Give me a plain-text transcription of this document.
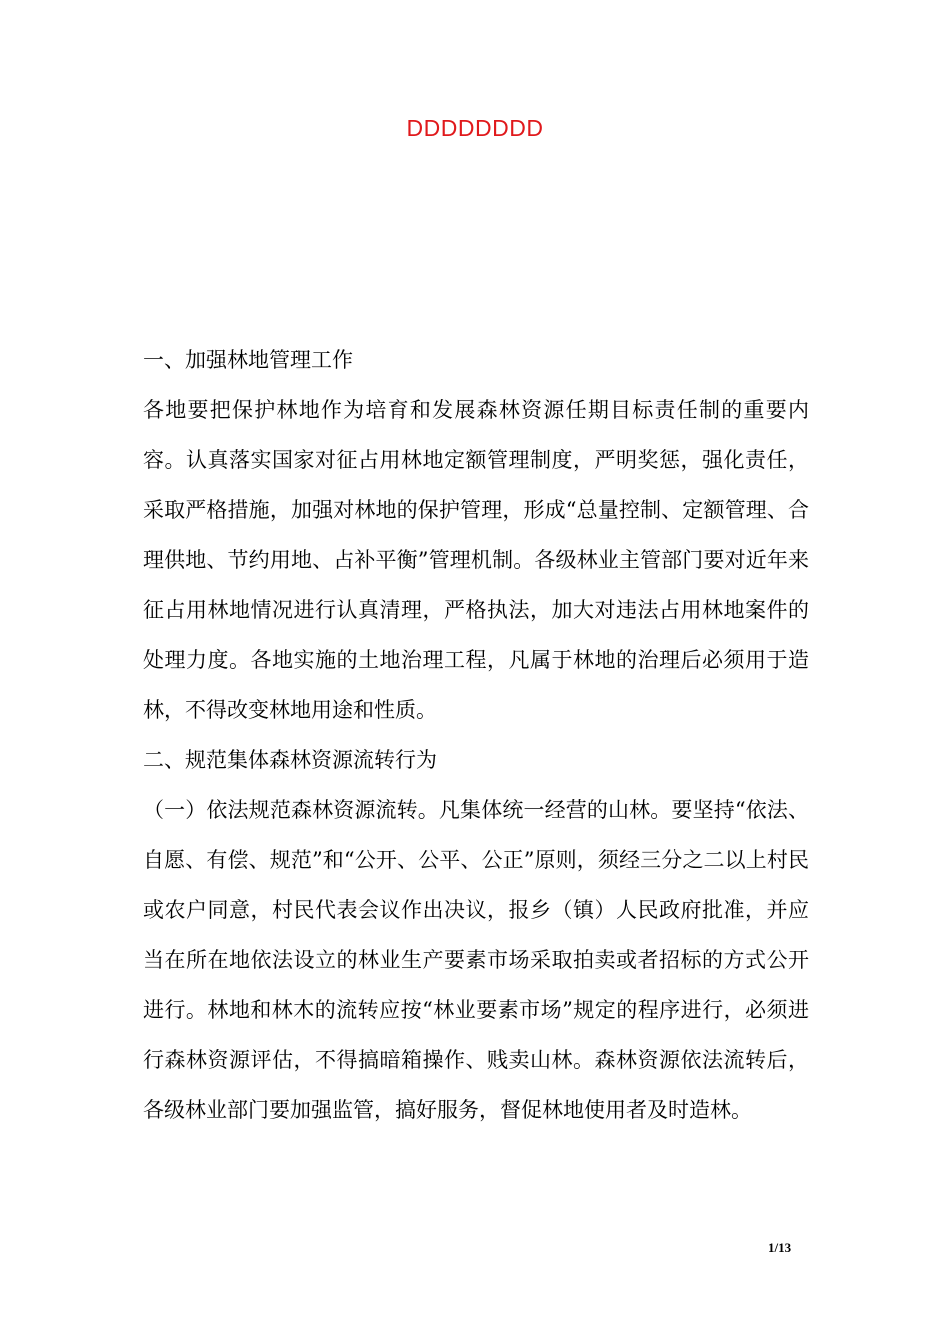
DDDDDDDD

一、加强林地管理工作

各地要把保护林地作为培育和发展森林资源任期目标责任制的重要内容。认真落实国家对征占用林地定额管理制度，严明奖惩，强化责任，采取严格措施，加强对林地的保护管理，形成“总量控制、定额管理、合理供地、节约用地、占补平衡”管理机制。各级林业主管部门要对近年来征占用林地情况进行认真清理，严格执法，加大对违法占用林地案件的处理力度。各地实施的土地治理工程，凡属于林地的治理后必须用于造林，不得改变林地用途和性质。

二、规范集体森林资源流转行为

（一）依法规范森林资源流转。凡集体统一经营的山林。要坚持“依法、自愿、有偿、规范”和“公开、公平、公正”原则，须经三分之二以上村民或农户同意，村民代表会议作出决议，报乡（镇）人民政府批准，并应当在所在地依法设立的林业生产要素市场采取拍卖或者招标的方式公开进行。林地和林木的流转应按“林业要素市场”规定的程序进行，必须进行森林资源评估，不得搞暗箱操作、贱卖山林。森林资源依法流转后，各级林业部门要加强监管，搞好服务，督促林地使用者及时造林。

1/13
